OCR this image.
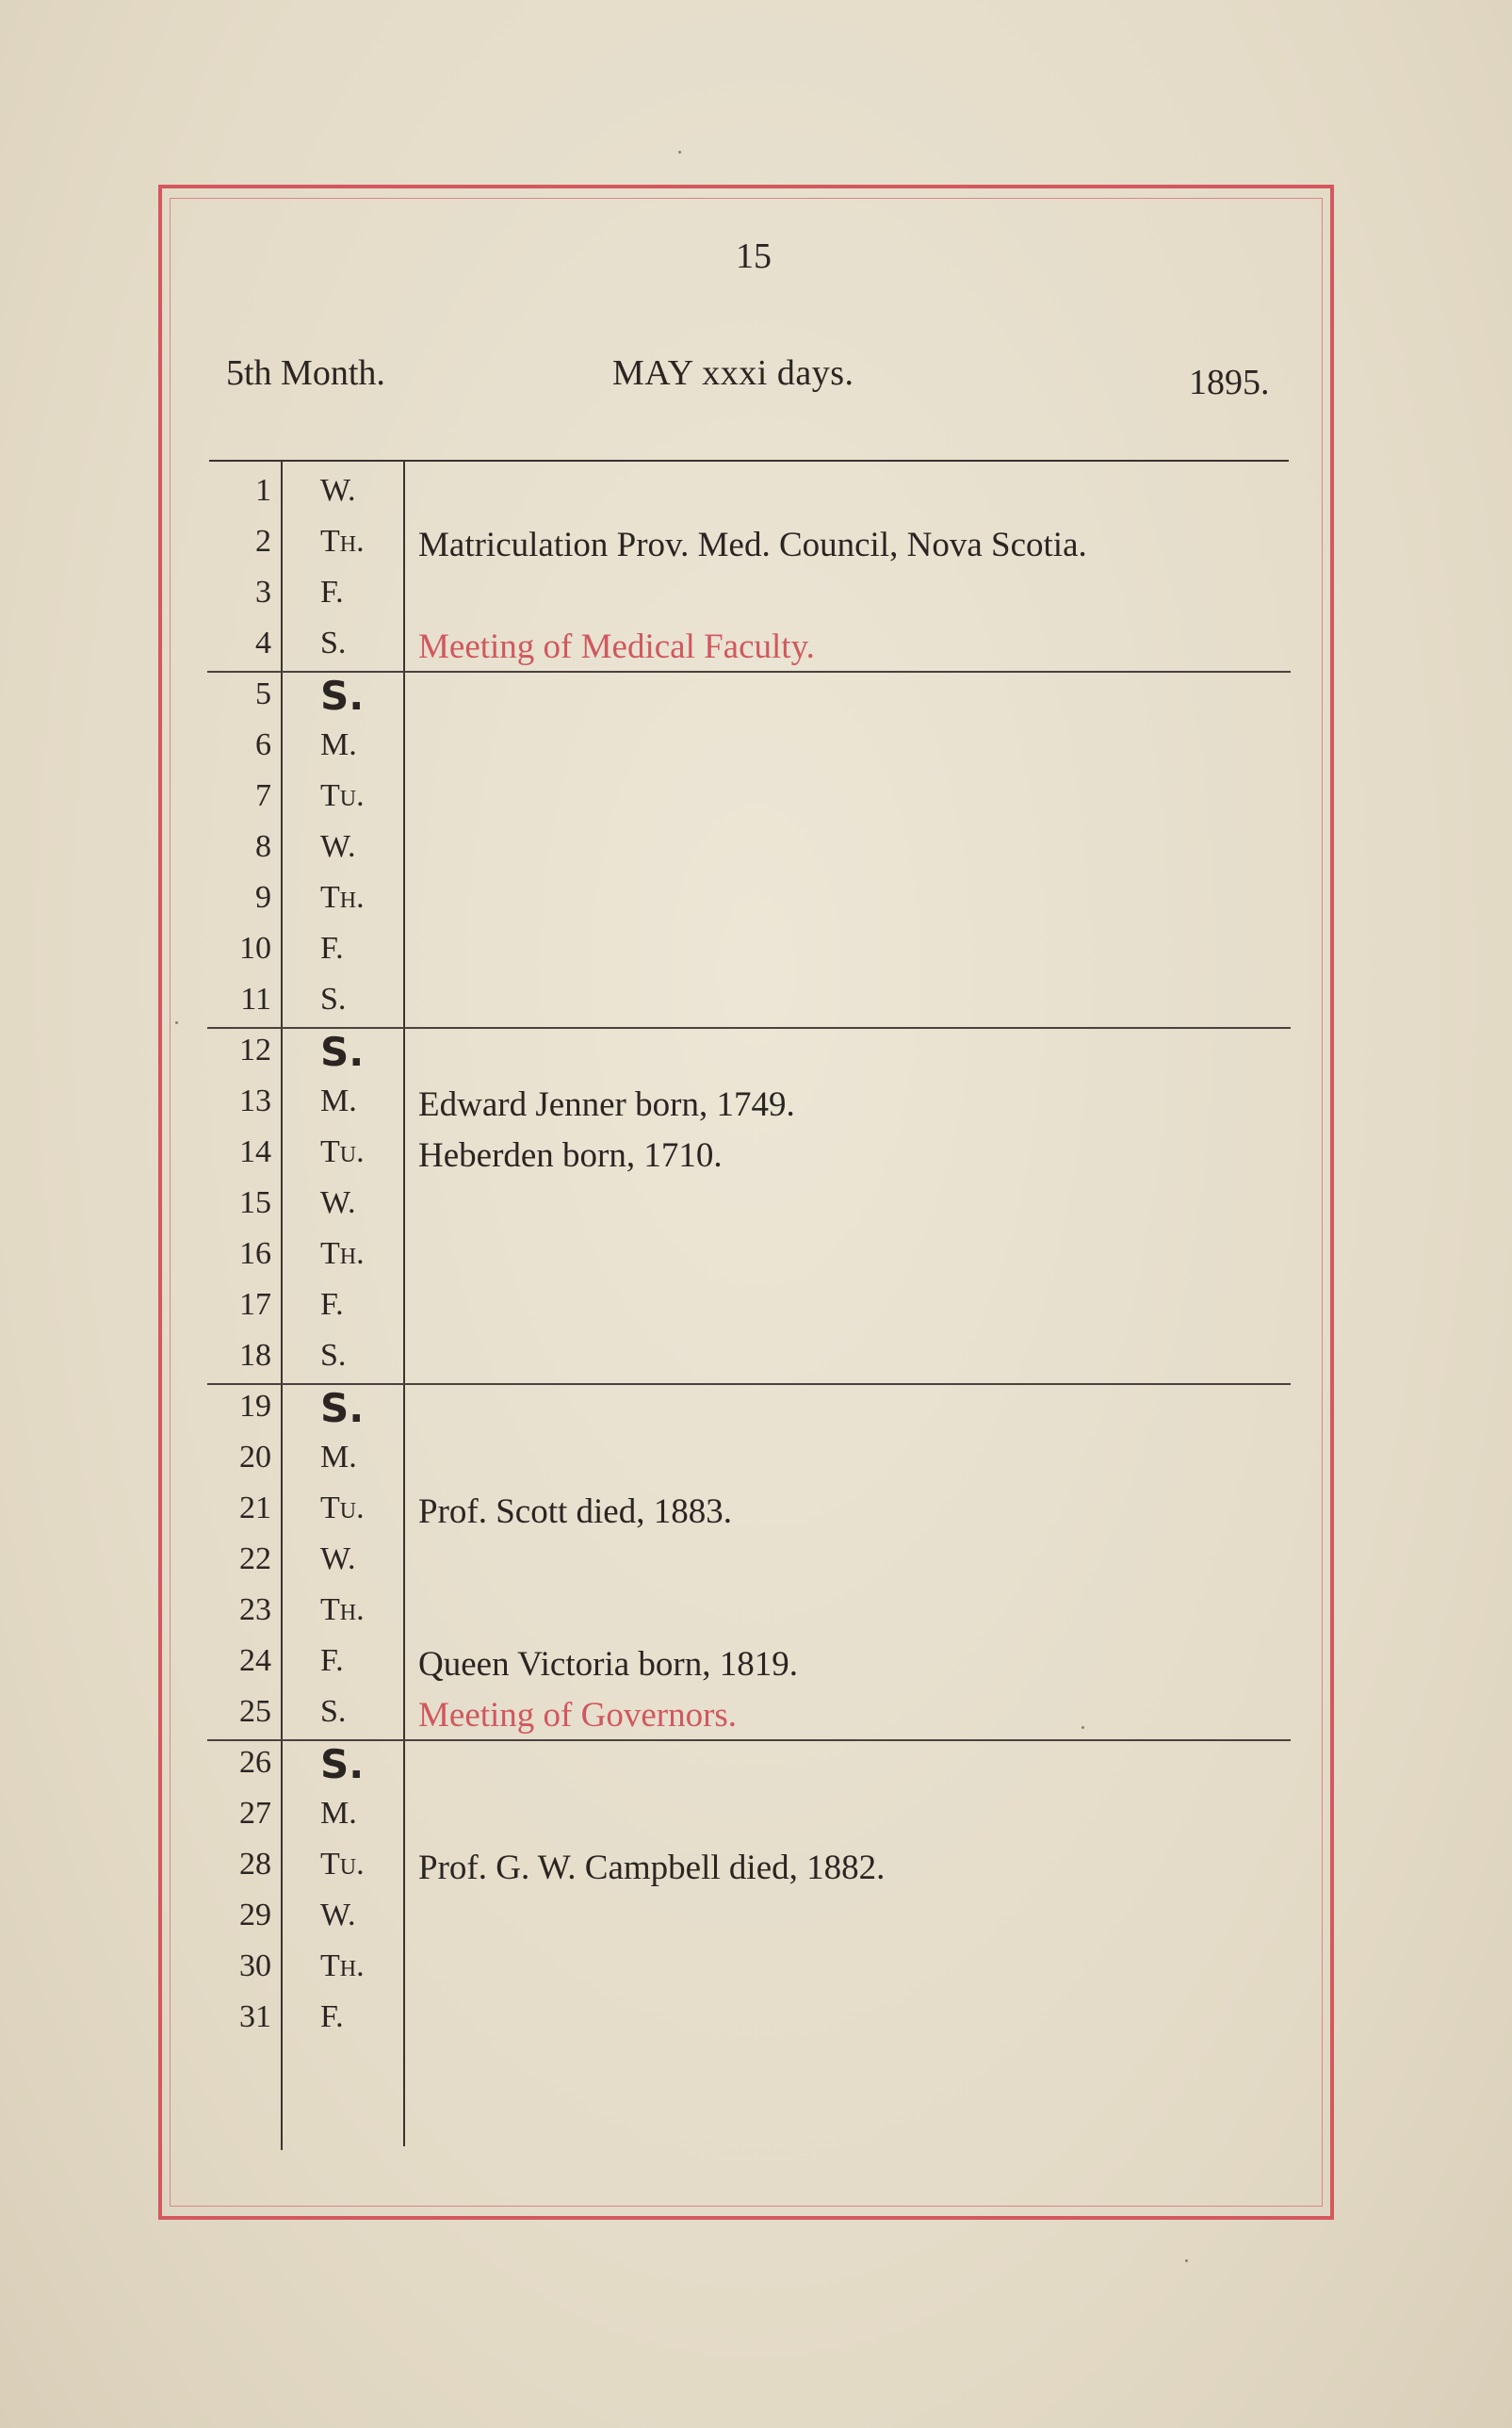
15
5th Month.	MAY xxxi days.	1895.
1 W.
2 Th.
3 F.
4 S.
5 S.
6 M.
7 Tu.
8 W.
9 Th.
10 F.
11 S.
12 S.
13 M.
14 Tu.
15 W.
16 Th.
17 F.
18 S.
19 S.
20 M.
21 Tu.
22 W.
23 Th.
24 F.
25 S.
26 S.
27 M.
28 Tu.
29 W.
30 Th.
31 F.
Matriculation Prov. Med. Council, Nova Scotia.
Meeting of Medical Faculty.
Edward Jenner born, 1749.
Heberden born, 1710.
Prof. Scott died, 1883.
Queen Victoria born, 1819.
Meeting of Governors.
Prof. G. W. Campbell died, 1882.
